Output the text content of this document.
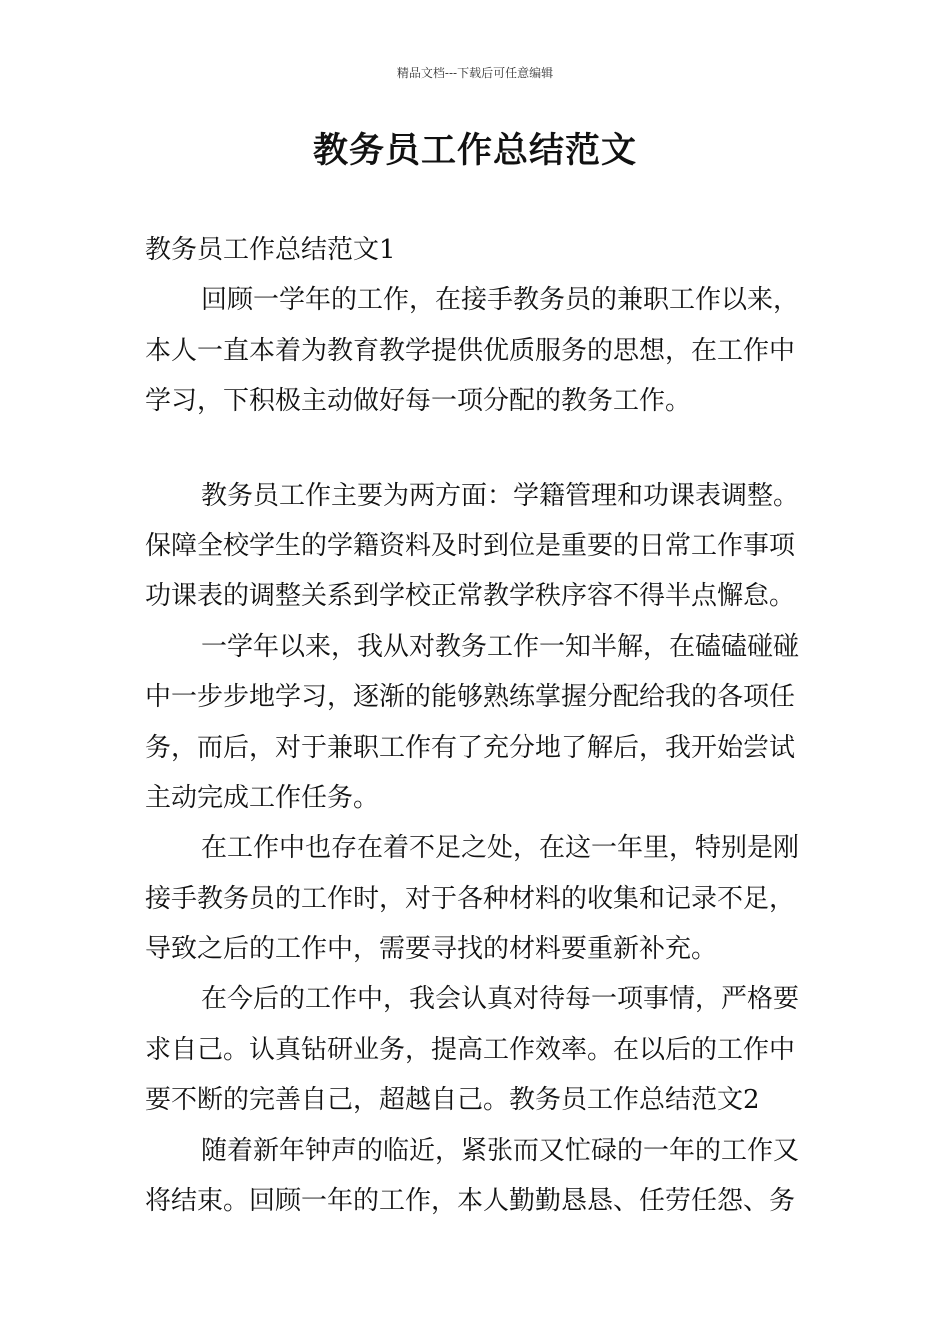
精品文档---下载后可任意编辑
教务员工作总结范文
教务员工作总结范文1
回顾一学年的工作，在接手教务员的兼职工作以来，
本人一直本着为教育教学提供优质服务的思想，在工作中
学习，下积极主动做好每一项分配的教务工作。
教务员工作主要为两方面：学籍管理和功课表调整。
保障全校学生的学籍资料及时到位是重要的日常工作事项
功课表的调整关系到学校正常教学秩序容不得半点懈怠。
一学年以来，我从对教务工作一知半解，在磕磕碰碰
中一步步地学习，逐渐的能够熟练掌握分配给我的各项任
务，而后，对于兼职工作有了充分地了解后，我开始尝试
主动完成工作任务。
在工作中也存在着不足之处，在这一年里，特别是刚
接手教务员的工作时，对于各种材料的收集和记录不足，
导致之后的工作中，需要寻找的材料要重新补充。
在今后的工作中，我会认真对待每一项事情，严格要
求自己。认真钻研业务，提高工作效率。在以后的工作中
要不断的完善自己，超越自己。教务员工作总结范文2
随着新年钟声的临近，紧张而又忙碌的一年的工作又
将结束。回顾一年的工作，本人勤勤恳恳、任劳任怨、务
